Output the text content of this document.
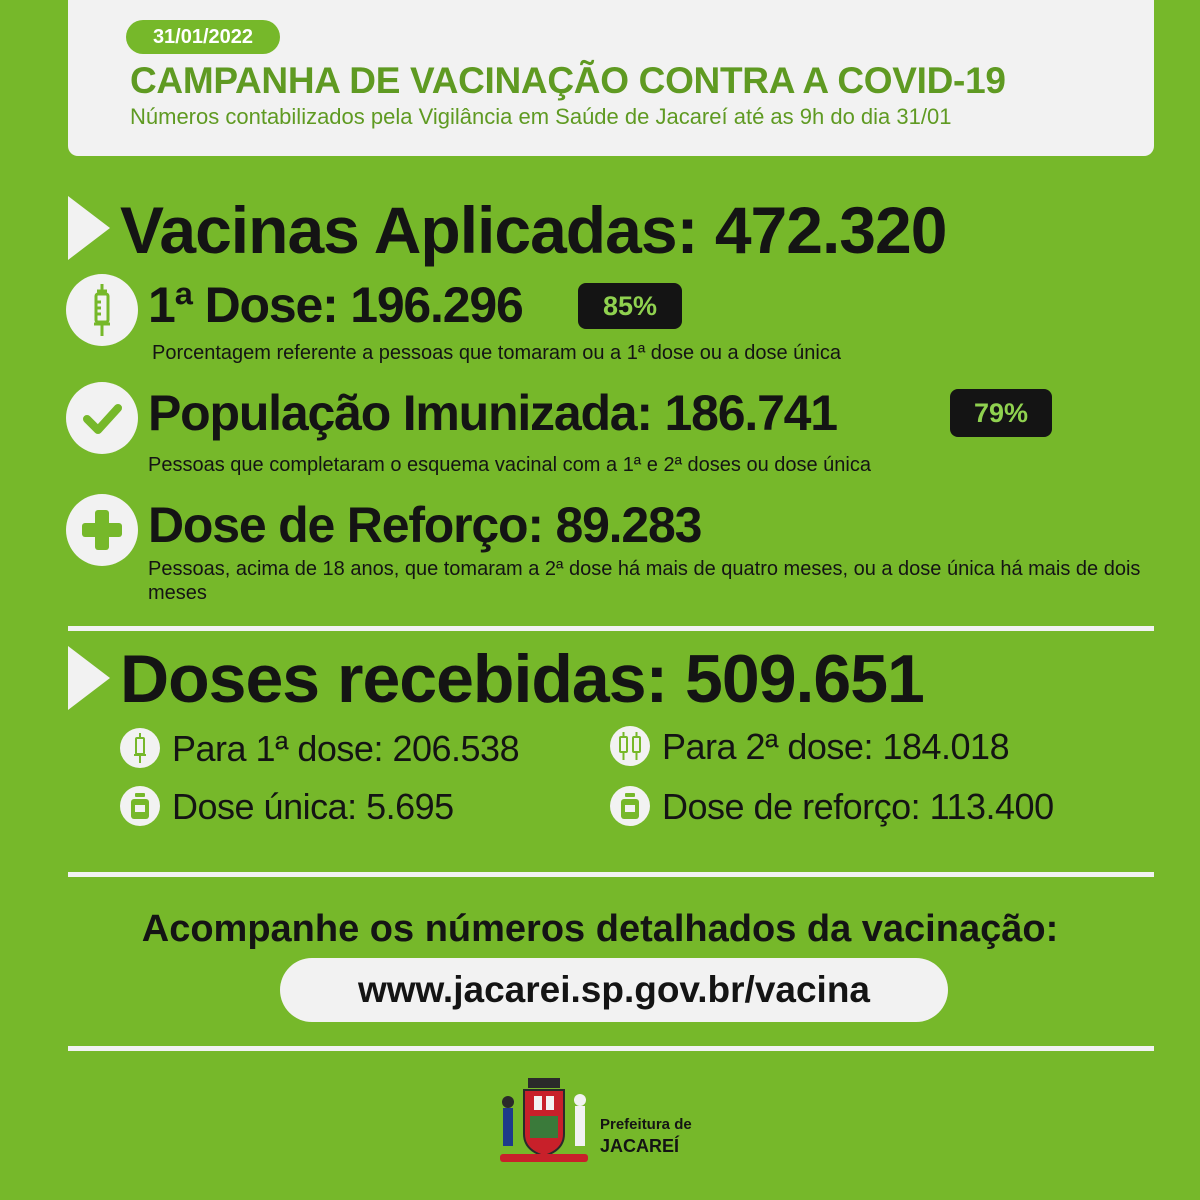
31/01/2022
CAMPANHA DE VACINAÇÃO CONTRA A COVID-19
Números contabilizados pela Vigilância em Saúde de Jacareí até as 9h do dia 31/01
Vacinas Aplicadas: 472.320
1ª Dose: 196.296	85%
Porcentagem referente a pessoas que tomaram ou a 1ª dose ou a dose única
População Imunizada: 186.741	79%
Pessoas que completaram o esquema vacinal com a 1ª e 2ª doses ou dose única
Dose de Reforço: 89.283
Pessoas, acima de 18 anos, que tomaram a 2ª dose há mais de quatro meses, ou a dose única há mais de dois meses
Doses recebidas: 509.651
Para 1ª dose: 206.538	Para 2ª dose: 184.018
Dose única: 5.695	Dose de reforço: 113.400
Acompanhe os números detalhados da vacinação:
www.jacarei.sp.gov.br/vacina
Prefeitura de
JACAREÍ
